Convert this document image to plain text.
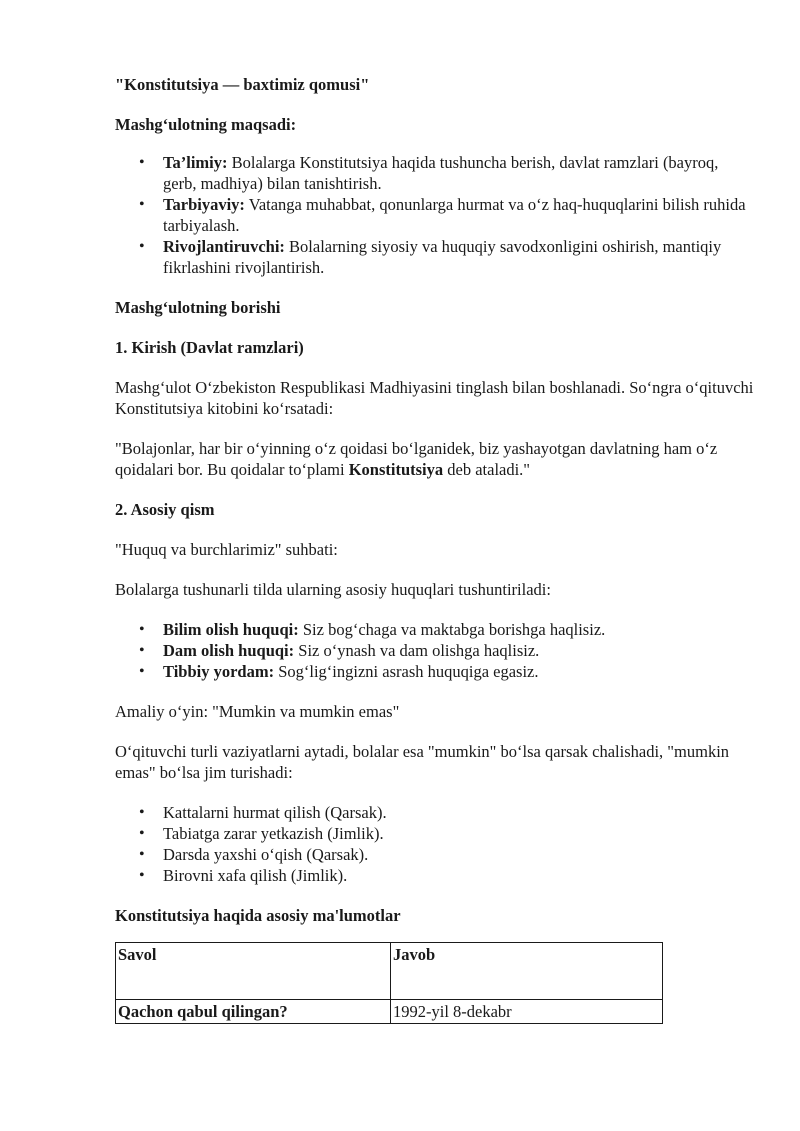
"Konstitutsiya — baxtimiz qomusi"

Mashg‘ulotning maqsadi:

• Ta’limiy: Bolalarga Konstitutsiya haqida tushuncha berish, davlat ramzlari (bayroq, gerb, madhiya) bilan tanishtirish.
• Tarbiyaviy: Vatanga muhabbat, qonunlarga hurmat va o‘z haq-huquqlarini bilish ruhida tarbiyalash.
• Rivojlantiruvchi: Bolalarning siyosiy va huquqiy savodxonligini oshirish, mantiqiy fikrlashini rivojlantirish.

Mashg‘ulotning borishi

1. Kirish (Davlat ramzlari)

Mashg‘ulot O‘zbekiston Respublikasi Madhiyasini tinglash bilan boshlanadi. So‘ngra o‘qituvchi Konstitutsiya kitobini ko‘rsatadi:

"Bolajonlar, har bir o‘yinning o‘z qoidasi bo‘lganidek, biz yashayotgan davlatning ham o‘z qoidalari bor. Bu qoidalar to‘plami Konstitutsiya deb ataladi."

2. Asosiy qism

"Huquq va burchlarimiz" suhbati:

Bolalarga tushunarli tilda ularning asosiy huquqlari tushuntiriladi:

• Bilim olish huquqi: Siz bog‘chaga va maktabga borishga haqlisiz.
• Dam olish huquqi: Siz o‘ynash va dam olishga haqlisiz.
• Tibbiy yordam: Sog‘lig‘ingizni asrash huquqiga egasiz.

Amaliy o‘yin: "Mumkin va mumkin emas"

O‘qituvchi turli vaziyatlarni aytadi, bolalar esa "mumkin" bo‘lsa qarsak chalishadi, "mumkin emas" bo‘lsa jim turishadi:

• Kattalarni hurmat qilish (Qarsak).
• Tabiatga zarar yetkazish (Jimlik).
• Darsda yaxshi o‘qish (Qarsak).
• Birovni xafa qilish (Jimlik).

Konstitutsiya haqida asosiy ma'lumotlar

Savol	Javob
Qachon qabul qilingan?	1992-yil 8-dekabr
